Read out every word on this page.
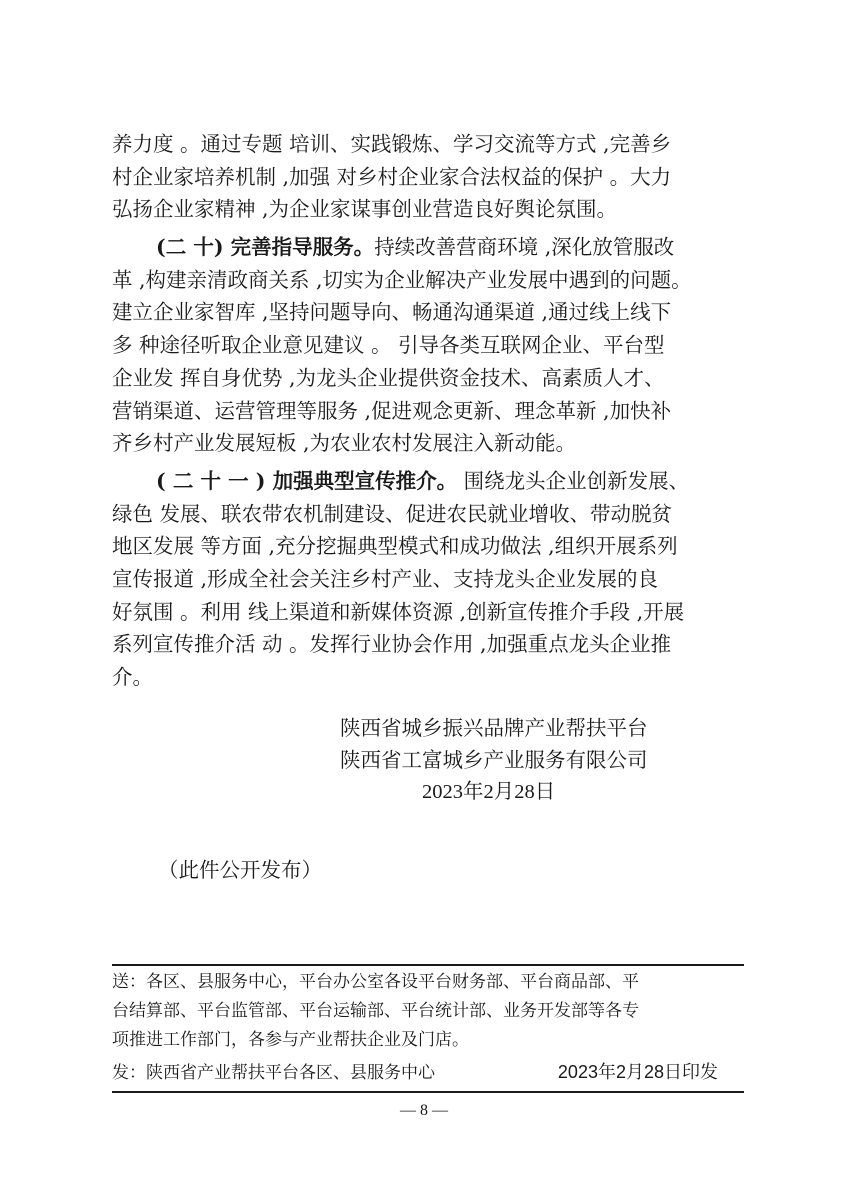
养力度 。通过专题 培训、实践锻炼、学习交流等方式 ,完善乡
村企业家培养机制 ,加强 对乡村企业家合法权益的保护 。大力
弘扬企业家精神 ,为企业家谋事创业营造良好舆论氛围。
(二 十) 完善指导服务。持续改善营商环境 ,深化放管服改
革 ,构建亲清政商关系 ,切实为企业解决产业发展中遇到的问题。
建立企业家智库 ,坚持问题导向、畅通沟通渠道 ,通过线上线下
多 种途径听取企业意见建议 。 引导各类互联网企业、平台型
企业发 挥自身优势 ,为龙头企业提供资金技术、高素质人才、
营销渠道、运营管理等服务 ,促进观念更新、理念革新 ,加快补
齐乡村产业发展短板 ,为农业农村发展注入新动能。
( 二 十 一 ) 加强典型宣传推介。 围绕龙头企业创新发展、
绿色 发展、联农带农机制建设、促进农民就业增收、带动脱贫
地区发展 等方面 ,充分挖掘典型模式和成功做法 ,组织开展系列
宣传报道 ,形成全社会关注乡村产业、支持龙头企业发展的良
好氛围 。利用 线上渠道和新媒体资源 ,创新宣传推介手段 ,开展
系列宣传推介活 动 。发挥行业协会作用 ,加强重点龙头企业推
介。
陕西省城乡振兴品牌产业帮扶平台
陕西省工富城乡产业服务有限公司
2023年2月28日
（此件公开发布）
送：各区、县服务中心，平台办公室各设平台财务部、平台商品部、平
台结算部、平台监管部、平台运输部、平台统计部、业务开发部等各专
项推进工作部门，各参与产业帮扶企业及门店。
发：陕西省产业帮扶平台各区、县服务中心	2023年2月28日印发
— 8 —
